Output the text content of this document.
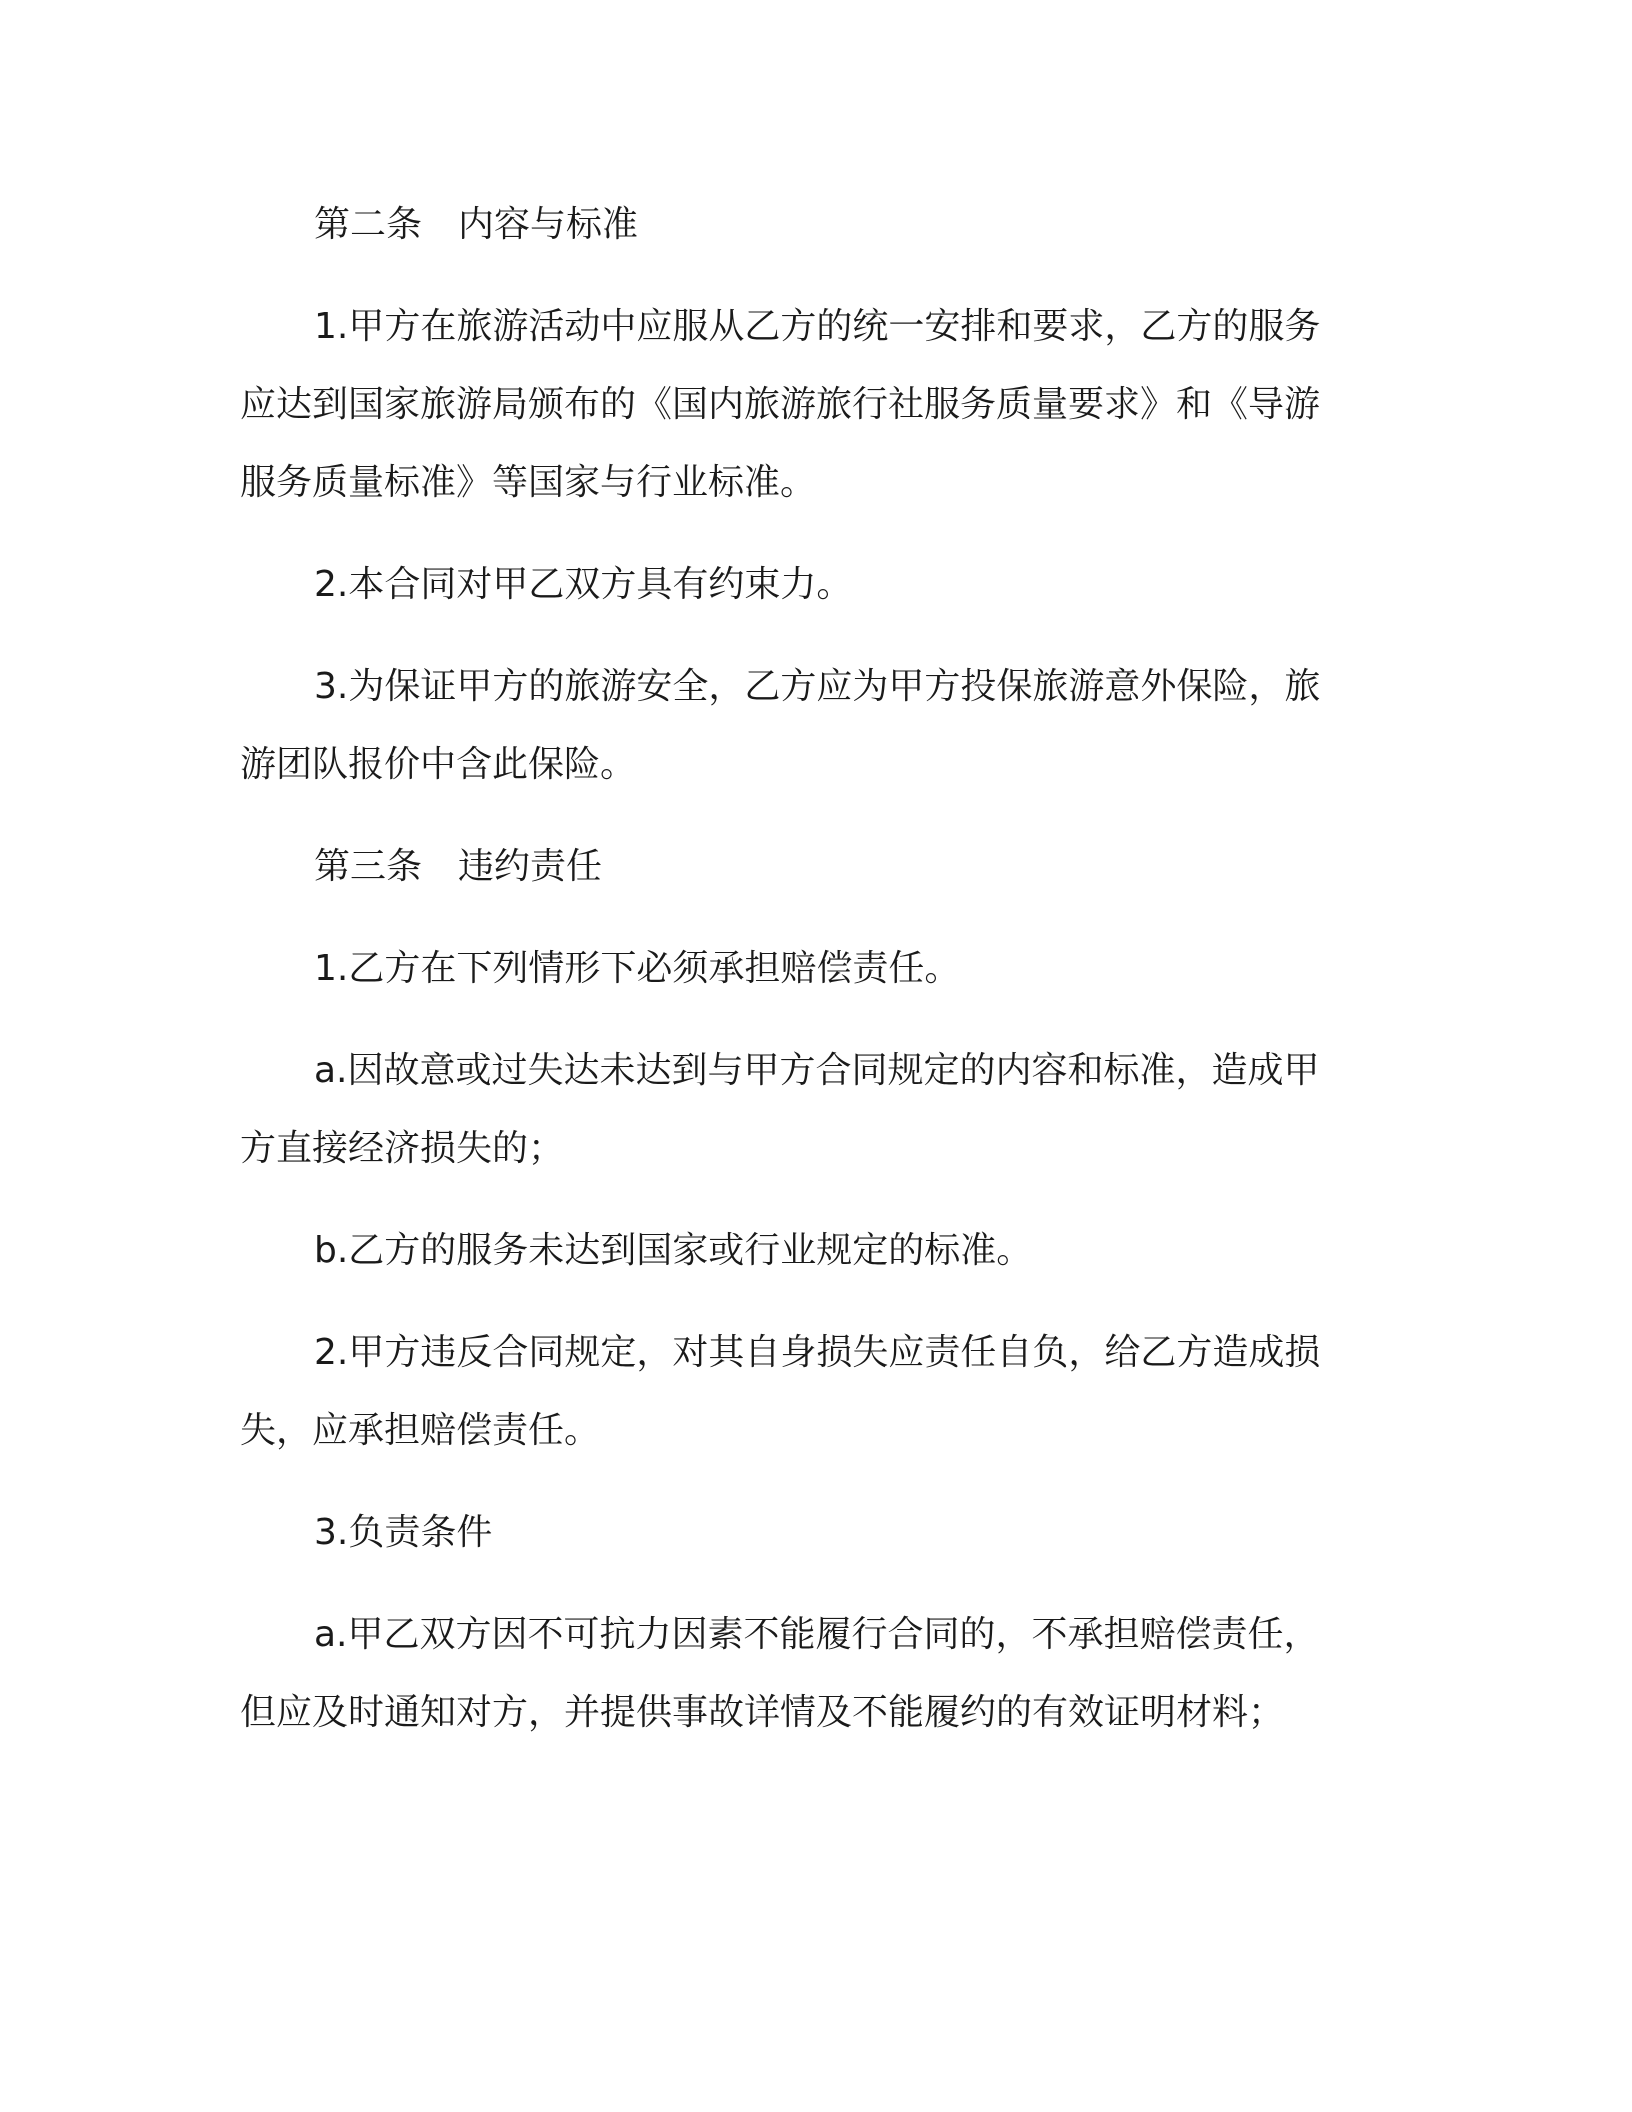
第二条 内容与标准

1.甲方在旅游活动中应服从乙方的统一安排和要求，乙方的服务应达到国家旅游局颁布的《国内旅游旅行社服务质量要求》和《导游服务质量标准》等国家与行业标准。

2.本合同对甲乙双方具有约束力。

3.为保证甲方的旅游安全，乙方应为甲方投保旅游意外保险，旅游团队报价中含此保险。

第三条 违约责任

1.乙方在下列情形下必须承担赔偿责任。

a.因故意或过失达未达到与甲方合同规定的内容和标准，造成甲方直接经济损失的；

b.乙方的服务未达到国家或行业规定的标准。

2.甲方违反合同规定，对其自身损失应责任自负，给乙方造成损失，应承担赔偿责任。

3.负责条件

a.甲乙双方因不可抗力因素不能履行合同的，不承担赔偿责任，但应及时通知对方，并提供事故详情及不能履约的有效证明材料；
